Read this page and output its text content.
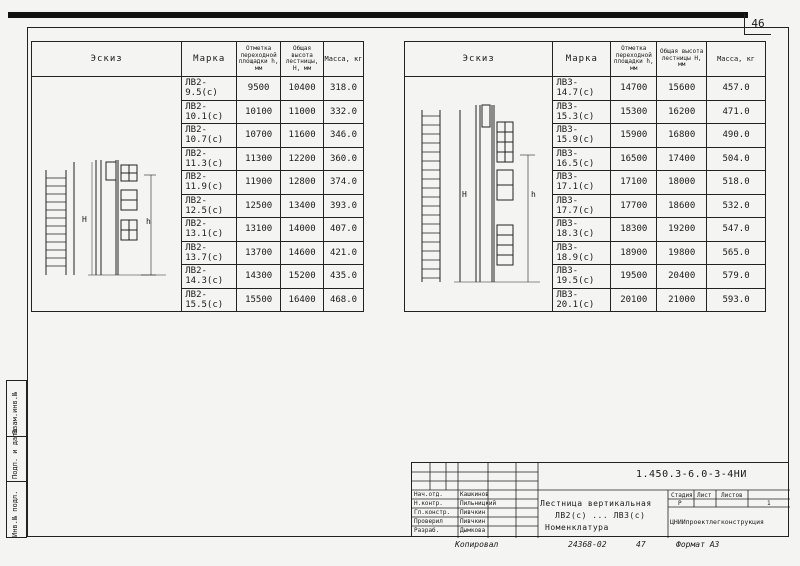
46
Эскиз	Марка	Отметка переходной площадки h, мм	Общая высота лестницы, H, мм	Масса, кг
	ЛВ2-9.5(с)	9500	10400	318.0
	ЛВ2-10.1(с)	10100	11000	332.0
	ЛВ2-10.7(с)	10700	11600	346.0
	ЛВ2-11.3(с)	11300	12200	360.0
	ЛВ2-11.9(с)	11900	12800	374.0
	ЛВ2-12.5(с)	12500	13400	393.0
	ЛВ2-13.1(с)	13100	14000	407.0
	ЛВ2-13.7(с)	13700	14600	421.0
	ЛВ2-14.3(с)	14300	15200	435.0
	ЛВ2-15.5(с)	15500	16400	468.0
Эскиз	Марка	Отметка переходной площадки h, мм	Общая высота лестницы H, мм	Масса, кг
	ЛВ3-14.7(с)	14700	15600	457.0
	ЛВ3-15.3(с)	15300	16200	471.0
	ЛВ3-15.9(с)	15900	16800	490.0
	ЛВ3-16.5(с)	16500	17400	504.0
	ЛВ3-17.1(с)	17100	18000	518.0
	ЛВ3-17.7(с)	17700	18600	532.0
	ЛВ3-18.3(с)	18300	19200	547.0
	ЛВ3-18.9(с)	18900	19800	565.0
	ЛВ3-19.5(с)	19500	20400	579.0
	ЛВ3-20.1(с)	20100	21000	593.0
H	h
H	h
Инв.№ подл.
Подп. и дата
Взам.инв.№
Нач.отд.	Кашкинов
Н.контр.	Пильницкий
Гл.констр. Пивчкин
Проверил	Пивчкин
Разраб.	Дымкова
Стадия Лист Листов
Р	1
1.450.3-6.0-3-4НИ
Лестница вертикальная
ЛВ2(с) ... ЛВ3(с)
Номенклатура
ЦНИИпроектлегконструкция
Копировал	24368-02	47	Формат А3
